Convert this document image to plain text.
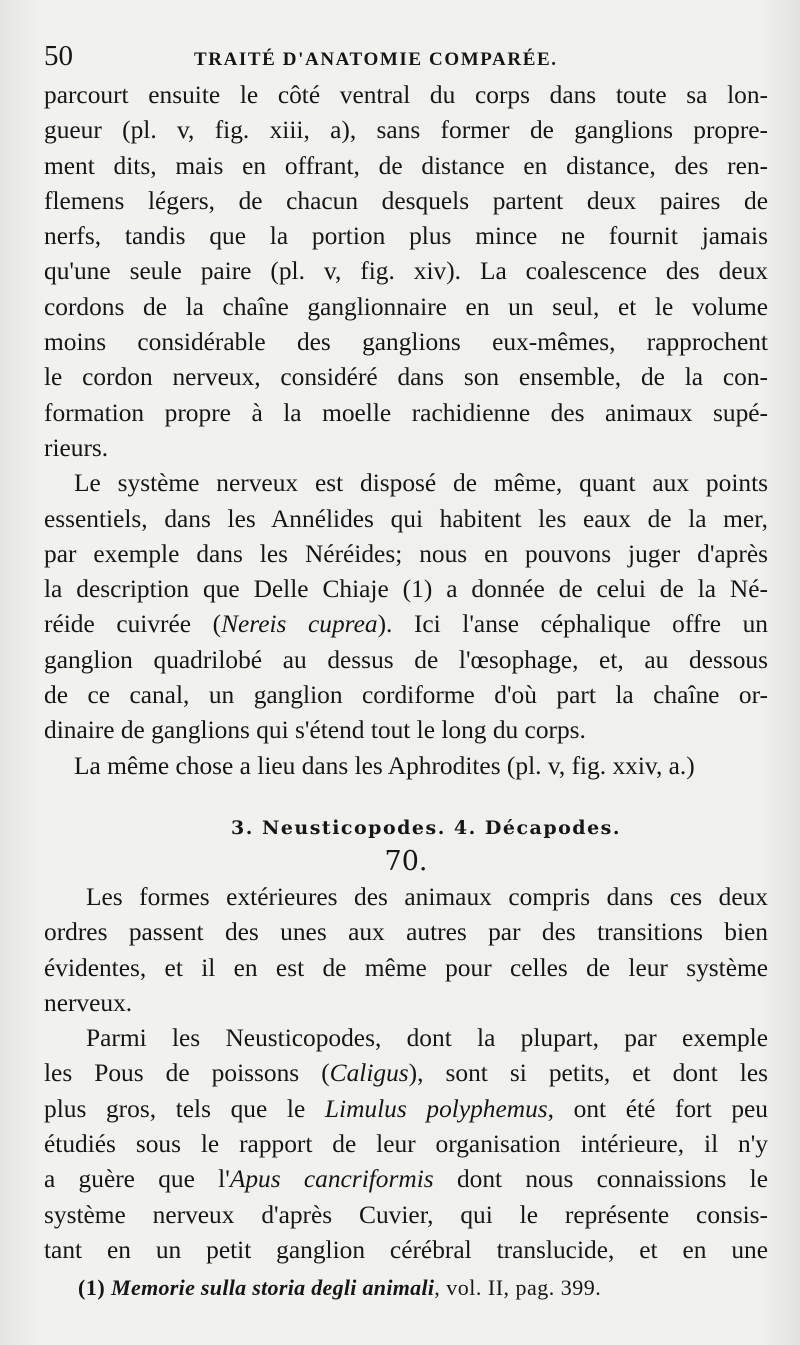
50	TRAITÉ D'ANATOMIE COMPARÉE.

parcourt ensuite le côté ventral du corps dans toute sa lon-
gueur (pl. v, fig. xiii, a), sans former de ganglions propre-
ment dits, mais en offrant, de distance en distance, des ren-
flemens légers, de chacun desquels partent deux paires de
nerfs, tandis que la portion plus mince ne fournit jamais
qu'une seule paire (pl. v, fig. xiv). La coalescence des deux
cordons de la chaîne ganglionnaire en un seul, et le volume
moins considérable des ganglions eux-mêmes, rapprochent
le cordon nerveux, considéré dans son ensemble, de la con-
formation propre à la moelle rachidienne des animaux supé-
rieurs.

Le système nerveux est disposé de même, quant aux points
essentiels, dans les Annélides qui habitent les eaux de la mer,
par exemple dans les Néréides; nous en pouvons juger d'après
la description que Delle Chiaje (1) a donnée de celui de la Né-
réide cuivrée (Nereis cuprea). Ici l'anse céphalique offre un
ganglion quadrilobé au dessus de l'œsophage, et, au dessous
de ce canal, un ganglion cordiforme d'où part la chaîne or-
dinaire de ganglions qui s'étend tout le long du corps.

La même chose a lieu dans les Aphrodites (pl. v, fig. xxiv, a.)

3. Neusticopodes. 4. Décapodes.
70.

Les formes extérieures des animaux compris dans ces deux
ordres passent des unes aux autres par des transitions bien
évidentes, et il en est de même pour celles de leur système
nerveux.

Parmi les Neusticopodes, dont la plupart, par exemple
les Pous de poissons (Caligus), sont si petits, et dont les
plus gros, tels que le Limulus polyphemus, ont été fort peu
étudiés sous le rapport de leur organisation intérieure, il n'y
a guère que l'Apus cancriformis dont nous connaissions le
système nerveux d'après Cuvier, qui le représente consis-
tant en un petit ganglion cérébral translucide, et en une

(1) Memorie sulla storia degli animali, vol. II, pag. 399.
